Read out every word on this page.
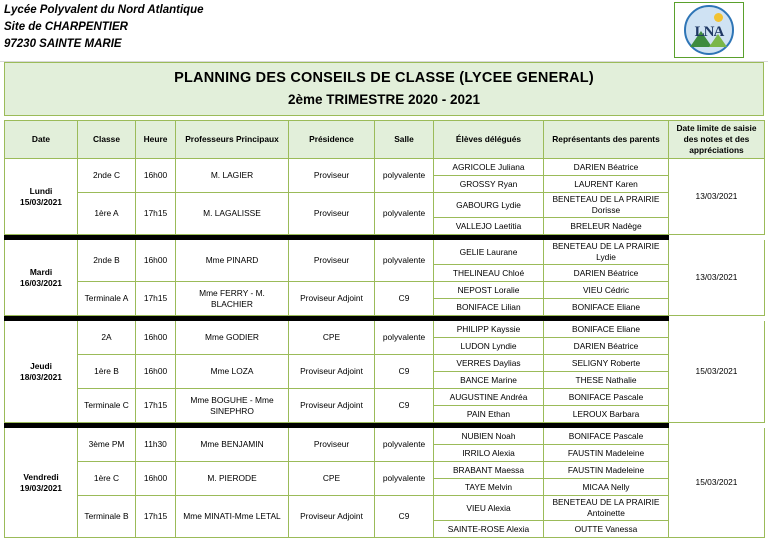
Lycée Polyvalent du Nord Atlantique
Site de CHARPENTIER
97230 SAINTE MARIE
LNA
PLANNING DES CONSEILS DE CLASSE (LYCEE GENERAL)
2ème TRIMESTRE 2020 - 2021
Date	Classe	Heure	Professeurs Principaux	Présidence	Salle	Élèves délégués	Représentants des parents	Date limite de saisie des notes et des appréciations

Lundi
15/03/2021	2nde C	16h00	M. LAGIER	Proviseur	polyvalente	AGRICOLE Juliana	DARIEN Béatrice	13/03/2021
						GROSSY Ryan	LAURENT Karen	
	1ère A	17h15	M. LAGALISSE	Proviseur	polyvalente	GABOURG Lydie	BENETEAU DE LA PRAIRIE Dorisse	
						VALLEJO Laetitia	BRELEUR Nadège	

Mardi
16/03/2021	2nde B	16h00	Mme PINARD	Proviseur	polyvalente	GELIE Laurane	BENETEAU DE LA PRAIRIE Lydie	13/03/2021
						THELINEAU Chloé	DARIEN Béatrice	
	Terminale A	17h15	Mme FERRY - M. BLACHIER	Proviseur Adjoint	C9	NEPOST Loralie	VIEU Cédric	
						BONIFACE Lilian	BONIFACE Eliane	

Jeudi
18/03/2021	2A	16h00	Mme GODIER	CPE	polyvalente	PHILIPP Kayssie	BONIFACE Eliane	15/03/2021
						LUDON Lyndie	DARIEN Béatrice	
	1ère B	16h00	Mme LOZA	Proviseur Adjoint	C9	VERRES Daylias	SELIGNY Roberte	
						BANCE Marine	THESE Nathalie	
	Terminale C	17h15	Mme BOGUHE - Mme SINEPHRO	Proviseur Adjoint	C9	AUGUSTINE Andréa	BONIFACE Pascale	
						PAIN Ethan	LEROUX Barbara	

Vendredi
19/03/2021	3ème PM	11h30	Mme BENJAMIN	Proviseur	polyvalente	NUBIEN Noah	BONIFACE Pascale	15/03/2021
						IRRILO Alexia	FAUSTIN Madeleine	
	1ère C	16h00	M. PIERODE	CPE	polyvalente	BRABANT Maessa	FAUSTIN Madeleine	
						TAYE Melvin	MICAA Nelly	
	Terminale B	17h15	Mme MINATI-Mme LETAL	Proviseur Adjoint	C9	VIEU Alexia	BENETEAU DE LA PRAIRIE Antoinette	
						SAINTE-ROSE Alexia	OUTTE Vanessa	
